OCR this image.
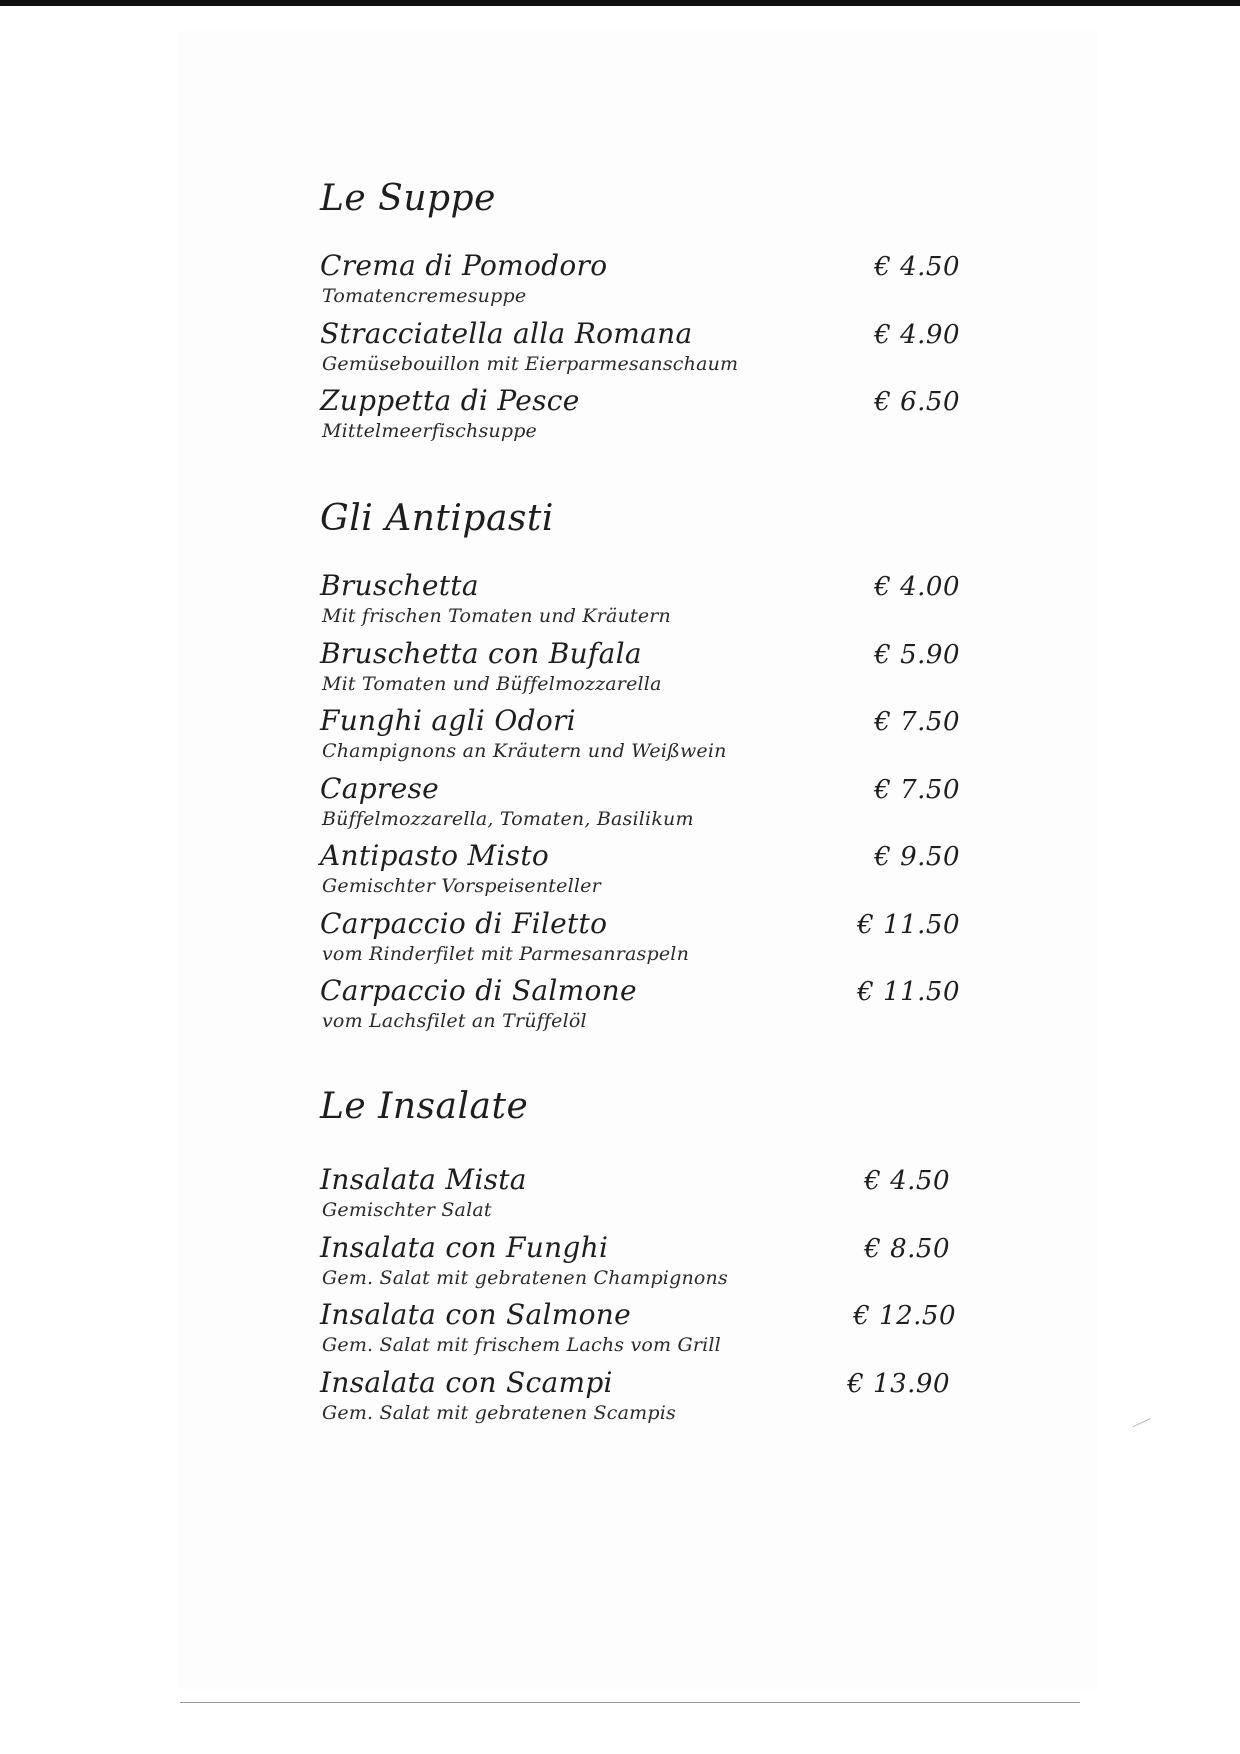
Le Suppe
Crema di Pomodoro
Tomatencremesuppe
€ 4.50
Stracciatella alla Romana
Gemüsebouillon mit Eierparmesanschaum
€ 4.90
Zuppetta di Pesce
Mittelmeerfischsuppe
€ 6.50
Gli Antipasti
Bruschetta
Mit frischen Tomaten und Kräutern
€ 4.00
Bruschetta con Bufala
Mit Tomaten und Büffelmozzarella
€ 5.90
Funghi agli Odori
Champignons an Kräutern und Weißwein
€ 7.50
Caprese
Büffelmozzarella, Tomaten, Basilikum
€ 7.50
Antipasto Misto
Gemischter Vorspeisenteller
€ 9.50
Carpaccio di Filetto
vom Rinderfilet mit Parmesanraspeln
€ 11.50
Carpaccio di Salmone
vom Lachsfilet an Trüffelöl
€ 11.50
Le Insalate
Insalata Mista
Gemischter Salat
€ 4.50
Insalata con Funghi
Gem. Salat mit gebratenen Champignons
€ 8.50
Insalata con Salmone
Gem. Salat mit frischem Lachs vom Grill
€ 12.50
Insalata con Scampi
Gem. Salat mit gebratenen Scampis
€ 13.90
